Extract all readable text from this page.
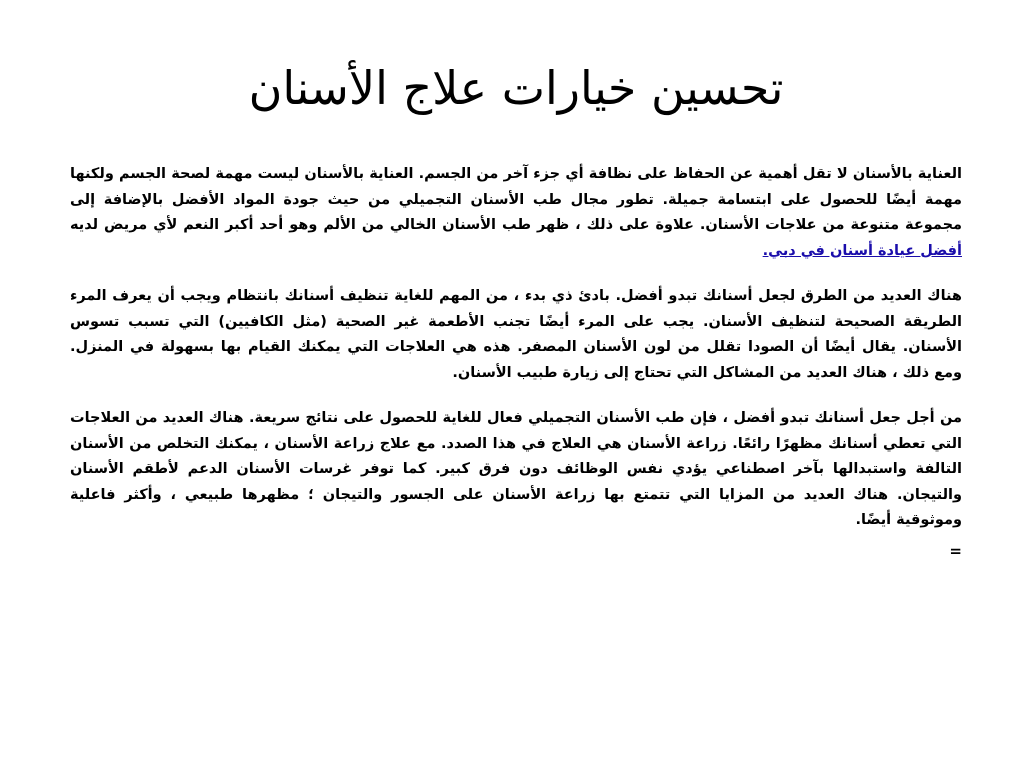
تحسين خيارات علاج الأسنان

العناية بالأسنان لا تقل أهمية عن الحفاظ على نظافة أي جزء آخر من الجسم. العناية بالأسنان ليست مهمة لصحة الجسم ولكنها مهمة أيضًا للحصول على ابتسامة جميلة. تطور مجال طب الأسنان التجميلي من حيث جودة المواد الأفضل بالإضافة إلى مجموعة متنوعة من علاجات الأسنان. علاوة على ذلك ، ظهر طب الأسنان الخالي من الألم وهو أحد أكبر النعم لأي مريض لديه أفضل عيادة أسنان في دبي.

هناك العديد من الطرق لجعل أسنانك تبدو أفضل. بادئ ذي بدء ، من المهم للغاية تنظيف أسنانك بانتظام ويجب أن يعرف المرء الطريقة الصحيحة لتنظيف الأسنان. يجب على المرء أيضًا تجنب الأطعمة غير الصحية (مثل الكافيين) التي تسبب تسوس الأسنان. يقال أيضًا أن الصودا تقلل من لون الأسنان المصفر. هذه هي العلاجات التي يمكنك القيام بها بسهولة في المنزل. ومع ذلك ، هناك العديد من المشاكل التي تحتاج إلى زيارة طبيب الأسنان.

من أجل جعل أسنانك تبدو أفضل ، فإن طب الأسنان التجميلي فعال للغاية للحصول على نتائج سريعة. هناك العديد من العلاجات التي تعطي أسنانك مظهرًا رائعًا. زراعة الأسنان هي العلاج في هذا الصدد. مع علاج زراعة الأسنان ، يمكنك التخلص من الأسنان التالفة واستبدالها بآخر اصطناعي يؤدي نفس الوظائف دون فرق كبير. كما توفر غرسات الأسنان الدعم لأطقم الأسنان والتيجان. هناك العديد من المزايا التي تتمتع بها زراعة الأسنان على الجسور والتيجان ؛ مظهرها طبيعي ، وأكثر فاعلية وموثوقية أيضًا.

=
